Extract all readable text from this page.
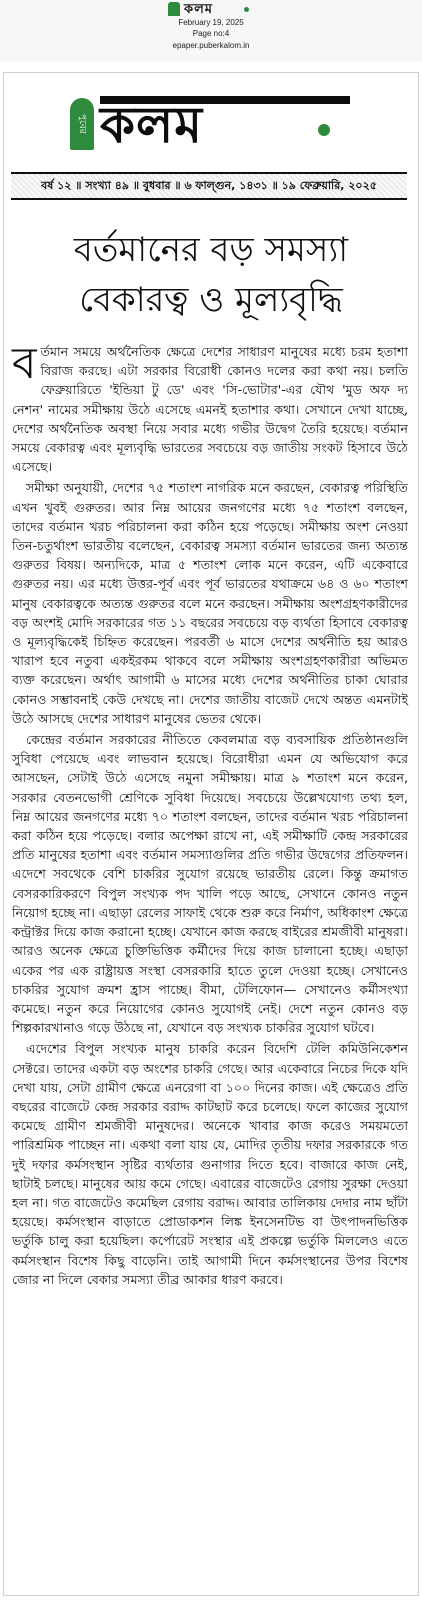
কলম
February 19, 2025
Page no:4
epaper.puberkalom.in
পুবের কলম
বর্ষ ১২ ॥ সংখ্যা ৪৯ ॥ বুধবার ॥ ৬ ফাল্গুন, ১৪৩১ ॥ ১৯ ফেব্রুয়ারি, ২০২৫
বর্তমানের বড় সমস্যা
বেকারত্ব ও মূল্যবৃদ্ধি

বর্তমান সময়ে অর্থনৈতিক ক্ষেত্রে দেশের সাধারণ মানুষের মধ্যে চরম হতাশা বিরাজ করছে। এটা সরকার বিরোধী কোনও দলের করা কথা নয়। চলতি ফেব্রুয়ারিতে 'ইন্ডিয়া টু ডে' এবং 'সি-ভোটার'-এর যৌথ 'মুড অফ দ্য নেশন' নামের সমীক্ষায় উঠে এসেছে এমনই হতাশার কথা। সেখানে দেখা যাচ্ছে, দেশের অর্থনৈতিক অবস্থা নিয়ে সবার মধ্যে গভীর উদ্বেগ তৈরি হয়েছে। বর্তমান সময়ে বেকারত্ব এবং মূল্যবৃদ্ধি ভারতের সবচেয়ে বড় জাতীয় সংকট হিসাবে উঠে এসেছে।

সমীক্ষা অনুযায়ী, দেশের ৭৫ শতাংশ নাগরিক মনে করছেন, বেকারত্ব পরিস্থিতি এখন খুবই গুরুতর। আর নিম্ন আয়ের জনগণের মধ্যে ৭৫ শতাংশ বলছেন, তাদের বর্তমান খরচ পরিচালনা করা কঠিন হয়ে পড়েছে। সমীক্ষায় অংশ নেওয়া তিন-চতুর্থাংশ ভারতীয় বলেছেন, বেকারত্ব সমস্যা বর্তমান ভারতের জন্য অত্যন্ত গুরুতর বিষয়। অন্যদিকে, মাত্র ৫ শতাংশ লোক মনে করেন, এটি একেবারে গুরুতর নয়। এর মধ্যে উত্তর-পূর্ব এবং পূর্ব ভারতের যথাক্রমে ৬৪ ও ৬০ শতাংশ মানুষ বেকারত্বকে অত্যন্ত গুরুতর বলে মনে করছেন। সমীক্ষায় অংশগ্রহণকারীদের বড় অংশই মোদি সরকারের গত ১১ বছরের সবচেয়ে বড় ব্যর্থতা হিসাবে বেকারত্ব ও মূল্যবৃদ্ধিকেই চিহ্নিত করেছেন। পরবর্তী ৬ মাসে দেশের অর্থনীতি হয় আরও খারাপ হবে নতুবা একইরকম থাকবে বলে সমীক্ষায় অংশগ্রহণকারীরা অভিমত ব্যক্ত করেছেন। অর্থাৎ আগামী ৬ মাসের মধ্যে দেশের অর্থনীতির চাকা ঘোরার কোনও সম্ভাবনাই কেউ দেখছে না। দেশের জাতীয় বাজেট দেখে অন্তত এমনটাই উঠে আসছে দেশের সাধারণ মানুষের ভেতর থেকে।

কেন্দ্রের বর্তমান সরকারের নীতিতে কেবলমাত্র বড় ব্যবসায়িক প্রতিষ্ঠানগুলি সুবিধা পেয়েছে এবং লাভবান হয়েছে। বিরোধীরা এমন যে অভিযোগ করে আসছেন, সেটাই উঠে এসেছে নমুনা সমীক্ষায়। মাত্র ৯ শতাংশ মনে করেন, সরকার বেতনভোগী শ্রেণিকে সুবিধা দিয়েছে। সবচেয়ে উল্লেখযোগ্য তথ্য হল, নিম্ন আয়ের জনগণের মধ্যে ৭০ শতাংশ বলছেন, তাদের বর্তমান খরচ পরিচালনা করা কঠিন হয়ে পড়েছে। বলার অপেক্ষা রাখে না, এই সমীক্ষাটি কেন্দ্র সরকারের প্রতি মানুষের হতাশা এবং বর্তমান সমস্যাগুলির প্রতি গভীর উদ্বেগের প্রতিফলন। এদেশে সবথেকে বেশি চাকরির সুযোগ রয়েছে ভারতীয় রেলে। কিন্তু ক্রমাগত বেসরকারিকরণে বিপুল সংখ্যক পদ খালি পড়ে আছে, সেখানে কোনও নতুন নিয়োগ হচ্ছে না। এছাড়া রেলের সাফাই থেকে শুরু করে নির্মাণ, অধিকাংশ ক্ষেত্রে কন্ট্রাক্টর দিয়ে কাজ করানো হচ্ছে। যেখানে কাজ করছে বাইরের শ্রমজীবী মানুষরা। আরও অনেক ক্ষেত্রে চুক্তিভিত্তিক কর্মীদের দিয়ে কাজ চালানো হচ্ছে। এছাড়া একের পর এক রাষ্ট্রায়ত্ত সংস্থা বেসরকারি হাতে তুলে দেওয়া হচ্ছে। সেখানেও চাকরির সুযোগ ক্রমশ হ্রাস পাচ্ছে। বীমা, টেলিফোন— সেখানেও কর্মীসংখ্যা কমেছে। নতুন করে নিয়োগের কোনও সুযোগই নেই। দেশে নতুন কোনও বড় শিল্পকারখানাও গড়ে উঠছে না, যেখানে বড় সংখ্যক চাকরির সুযোগ ঘটবে।

এদেশের বিপুল সংখ্যক মানুষ চাকরি করেন বিদেশি টেলি কমিউনিকেশন সেক্টরে। তাদের একটা বড় অংশের চাকরি গেছে। আর একেবারে নিচের দিকে যদি দেখা যায়, সেটা গ্রামীণ ক্ষেত্রে এনরেগা বা ১০০ দিনের কাজ। এই ক্ষেত্রেও প্রতি বছরের বাজেটে কেন্দ্র সরকার বরাদ্দ কাটছাট করে চলেছে। ফলে কাজের সুযোগ কমেছে গ্রামীণ শ্রমজীবী মানুষদের। অনেকে খাবার কাজ করেও সময়মতো পারিশ্রমিক পাচ্ছেন না। একথা বলা যায় যে, মোদির তৃতীয় দফার সরকারকে গত দুই দফার কর্মসংস্থান সৃষ্টির ব্যর্থতার গুনাগার দিতে হবে। বাজারে কাজ নেই, ছাটাই চলছে। মানুষের আয় কমে গেছে। এবারের বাজেটেও রেগায় সুরক্ষা দেওয়া হল না। গত বাজেটেও কমেছিল রেগায় বরাদ্দ। আবার তালিকায় দেদার নাম ছাঁটা হয়েছে। কর্মসংস্থান বাড়াতে প্রোডাকশন লিঙ্ক ইনসেনটিভ বা উৎপাদনভিত্তিক ভর্তুকি চালু করা হয়েছিল। কর্পোরেট সংস্থার এই প্রকল্পে ভর্তুকি মিললেও এতে কর্মসংস্থান বিশেষ কিছু বাড়েনি। তাই আগামী দিনে কর্মসংস্থানের উপর বিশেষ জোর না দিলে বেকার সমস্যা তীব্র আকার ধারণ করবে।
